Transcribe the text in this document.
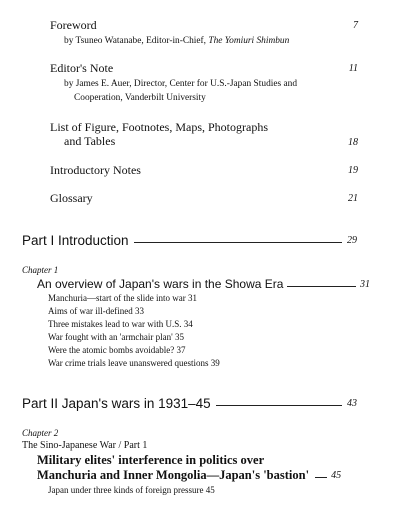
Foreword	7
by Tsuneo Watanabe, Editor-in-Chief, The Yomiuri Shimbun
Editor's Note	11
by James E. Auer, Director, Center for U.S.-Japan Studies and
Cooperation, Vanderbilt University
List of Figure, Footnotes, Maps, Photographs
and Tables	18
Introductory Notes	19
Glossary	21
Part I Introduction	29
Chapter 1
An overview of Japan's wars in the Showa Era	31
Manchuria—start of the slide into war 31
Aims of war ill-defined 33
Three mistakes lead to war with U.S. 34
War fought with an 'armchair plan' 35
Were the atomic bombs avoidable? 37
War crime trials leave unanswered questions 39
Part II Japan's wars in 1931–45	43
Chapter 2
The Sino-Japanese War / Part 1
Military elites' interference in politics over
Manchuria and Inner Mongolia—Japan's 'bastion' 45
Japan under three kinds of foreign pressure 45
